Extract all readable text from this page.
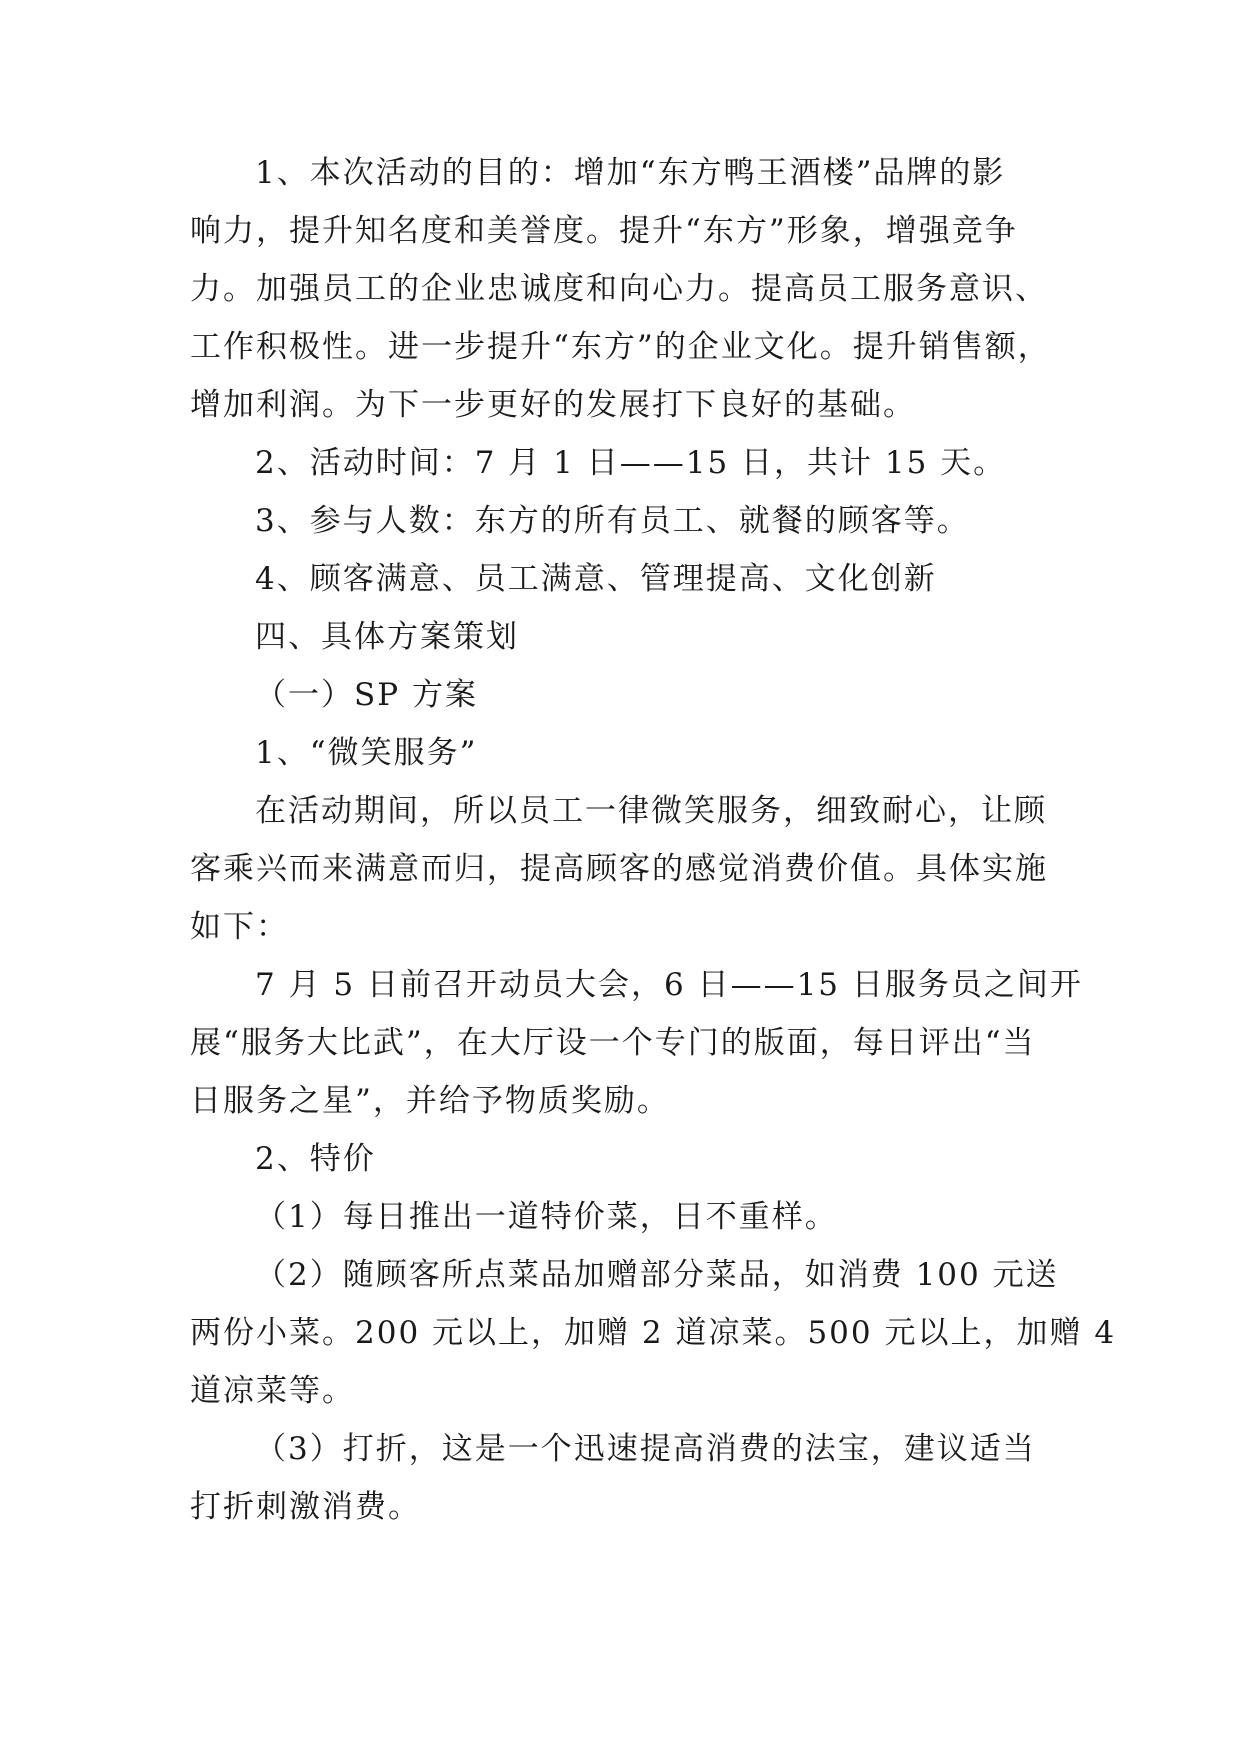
1、本次活动的目的：增加“东方鸭王酒楼”品牌的影
响力，提升知名度和美誉度。提升“东方”形象，增强竞争
力。加强员工的企业忠诚度和向心力。提高员工服务意识、
工作积极性。进一步提升“东方”的企业文化。提升销售额，
增加利润。为下一步更好的发展打下良好的基础。
2、活动时间：7 月 1 日——15 日，共计 15 天。
3、参与人数：东方的所有员工、就餐的顾客等。
4、顾客满意、员工满意、管理提高、文化创新
四、具体方案策划
（一）SP 方案
1、“微笑服务”
在活动期间，所以员工一律微笑服务，细致耐心，让顾
客乘兴而来满意而归，提高顾客的感觉消费价值。具体实施
如下：
7 月 5 日前召开动员大会，6 日——15 日服务员之间开
展“服务大比武”，在大厅设一个专门的版面，每日评出“当
日服务之星”，并给予物质奖励。
2、特价
（1）每日推出一道特价菜，日不重样。
（2）随顾客所点菜品加赠部分菜品，如消费 100 元送
两份小菜。200 元以上，加赠 2 道凉菜。500 元以上，加赠 4
道凉菜等。
（3）打折，这是一个迅速提高消费的法宝，建议适当
打折刺激消费。
